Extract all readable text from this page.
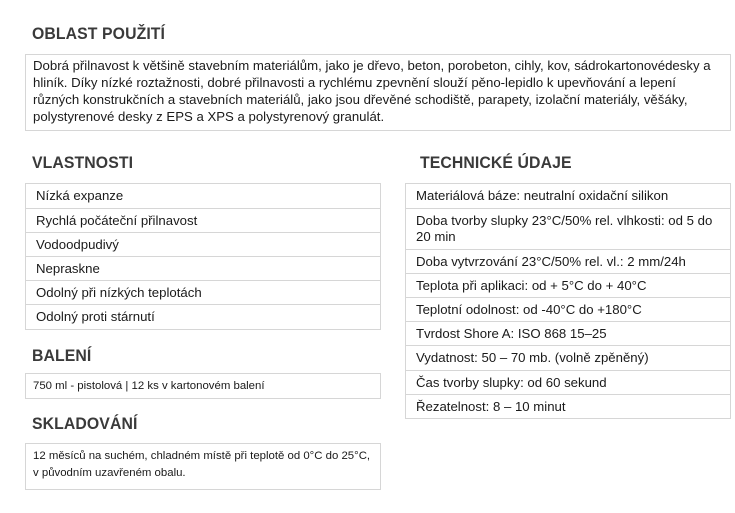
OBLAST POUŽITÍ

Dobrá přilnavost k většině stavebním materiálům, jako je dřevo, beton, porobeton, cihly, kov, sádrokartonovédesky a hliník. Díky nízké roztažnosti, dobré přilnavosti a rychlému zpevnění slouží pěno-lepidlo k upevňování a lepení různých konstrukčních a stavebních materiálů, jako jsou dřevěné schodiště, parapety, izolační materiály, věšáky, polystyrenové desky z EPS a XPS a polystyrenový granulát.

VLASTNOSTI
Nízká expanze
Rychlá počáteční přilnavost
Vodoodpudivý
Nepraskne
Odolný při nízkých teplotách
Odolný proti stárnutí
BALENÍ

750 ml - pistolová | 12 ks v kartonovém balení

SKLADOVÁNÍ

12 měsíců na suchém, chladném místě při teplotě od 0°C do 25°C, v původním uzavřeném obalu.

TECHNICKÉ ÚDAJE
Materiálová báze: neutralní oxidační silikon
Doba tvorby slupky 23°C/50% rel. vlhkosti: od 5 do 20 min
Doba vytvrzování 23°C/50% rel. vl.: 2 mm/24h
Teplota při aplikaci: od + 5°C do + 40°C
Teplotní odolnost: od -40°C do +180°C
Tvrdost Shore A: ISO 868 15–25
Vydatnost: 50 – 70 mb. (volně zpěněný)
Čas tvorby slupky: od 60 sekund
Řezatelnost: 8 – 10 minut
